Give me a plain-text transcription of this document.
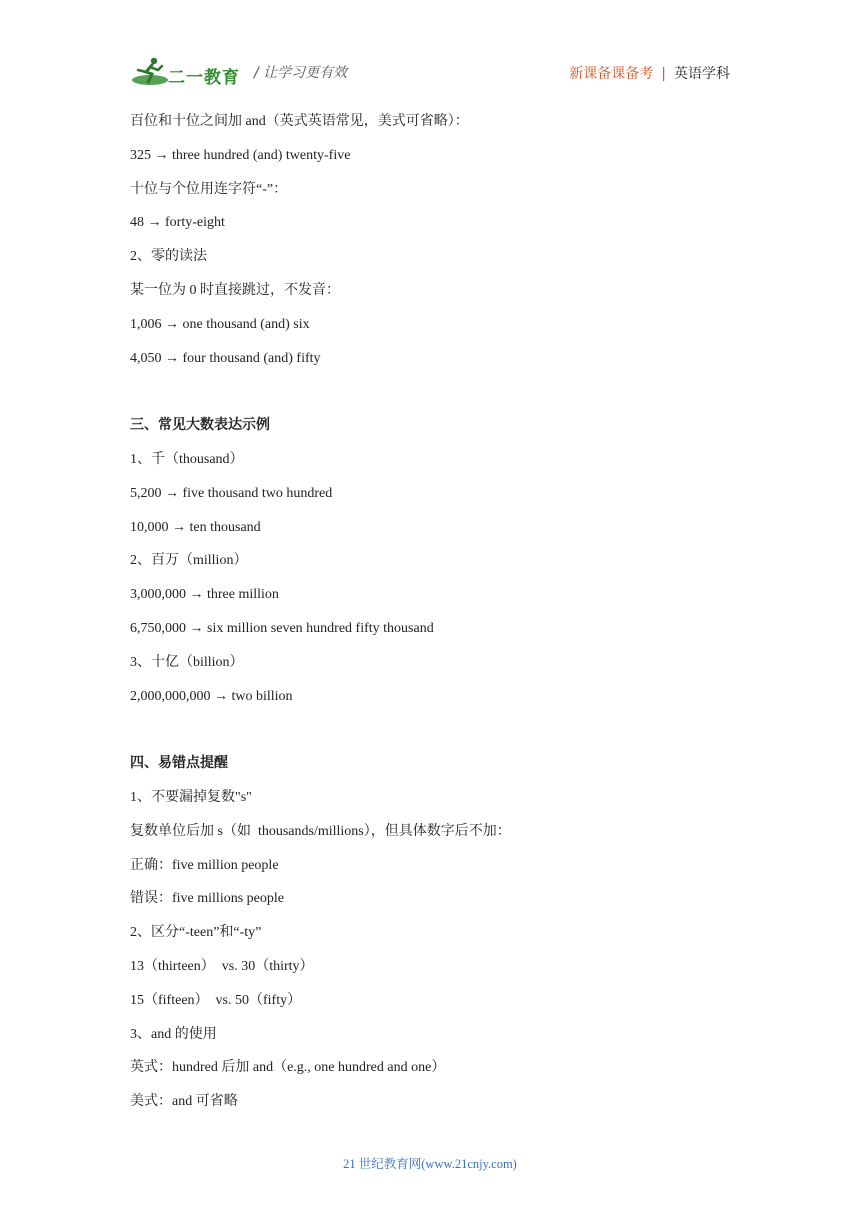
二一教育 / 让学习更有效	新课备课备考 | 英语学科
百位和十位之间加 and（英式英语常见，美式可省略）：
325 → three hundred (and) twenty-five
十位与个位用连字符“-”：
48 → forty-eight
2、零的读法
某一位为 0 时直接跳过，不发音：
1,006 → one thousand (and) six
4,050 → four thousand (and) fifty
三、常见大数表达示例
1、千（thousand）
5,200 → five thousand two hundred
10,000 → ten thousand
2、百万（million）
3,000,000 → three million
6,750,000 → six million seven hundred fifty thousand
3、十亿（billion）
2,000,000,000 → two billion
四、易错点提醒
1、不要漏掉复数"s"
复数单位后加 s（如  thousands/millions），但具体数字后不加：
正确：five million people
错误：five millions people
2、区分“-teen”和“-ty”
13（thirteen）  vs. 30（thirty）
15（fifteen）  vs. 50（fifty）
3、and 的使用
英式：hundred 后加 and（e.g., one hundred and one）
美式：and 可省略
21 世纪教育网(www.21cnjy.com)
